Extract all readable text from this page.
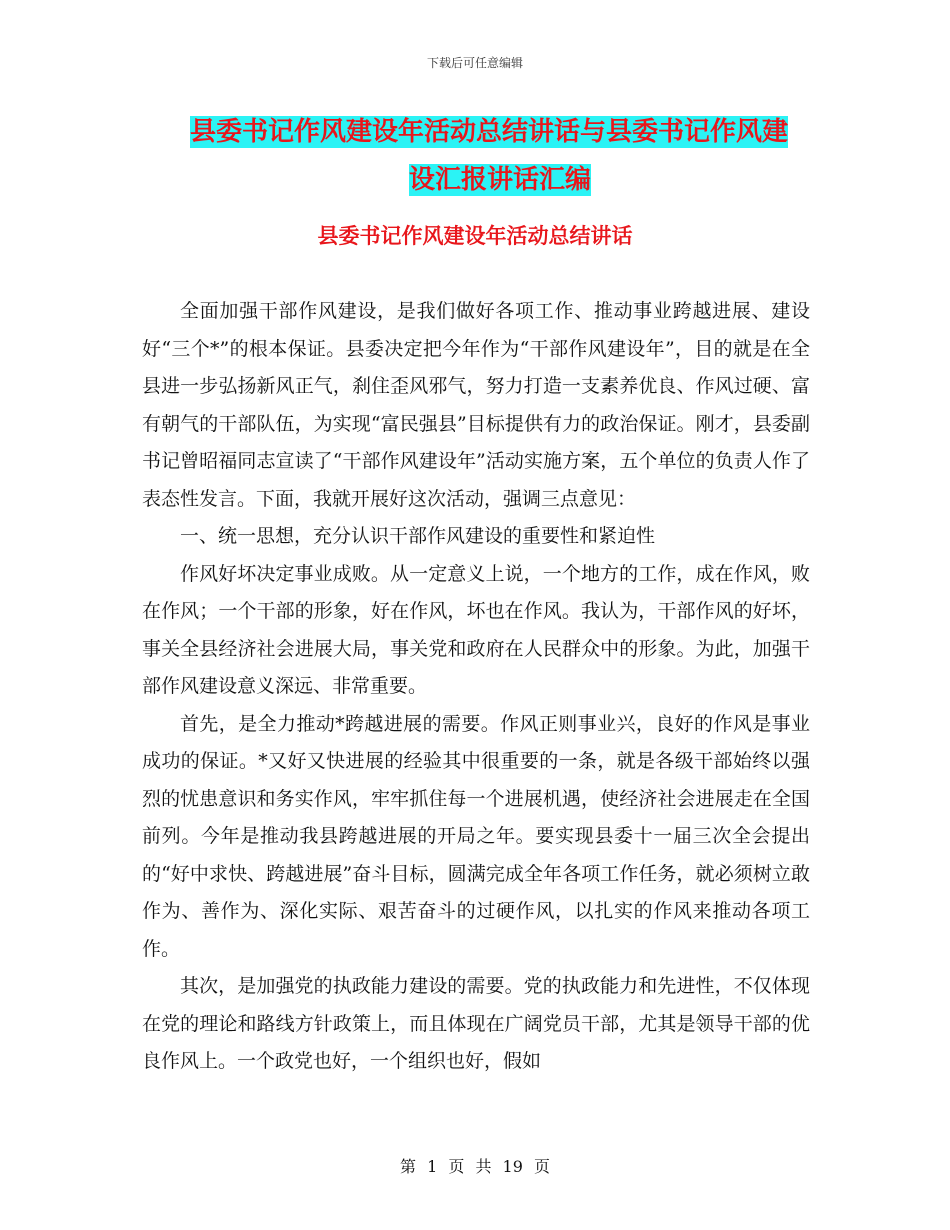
下载后可任意编辑
县委书记作风建设年活动总结讲话与县委书记作风建
设汇报讲话汇编
县委书记作风建设年活动总结讲话

全面加强干部作风建设，是我们做好各项工作、推动事业跨越进展、建设好“三个*”的根本保证。县委决定把今年作为“干部作风建设年”，目的就是在全县进一步弘扬新风正气，刹住歪风邪气，努力打造一支素养优良、作风过硬、富有朝气的干部队伍，为实现“富民强县”目标提供有力的政治保证。刚才，县委副书记曾昭福同志宣读了“干部作风建设年”活动实施方案，五个单位的负责人作了表态性发言。下面，我就开展好这次活动，强调三点意见：

一、统一思想，充分认识干部作风建设的重要性和紧迫性

作风好坏决定事业成败。从一定意义上说，一个地方的工作，成在作风，败在作风；一个干部的形象，好在作风，坏也在作风。我认为，干部作风的好坏，事关全县经济社会进展大局，事关党和政府在人民群众中的形象。为此，加强干部作风建设意义深远、非常重要。

首先，是全力推动*跨越进展的需要。作风正则事业兴，良好的作风是事业成功的保证。*又好又快进展的经验其中很重要的一条，就是各级干部始终以强烈的忧患意识和务实作风，牢牢抓住每一个进展机遇，使经济社会进展走在全国前列。今年是推动我县跨越进展的开局之年。要实现县委十一届三次全会提出的“好中求快、跨越进展”奋斗目标，圆满完成全年各项工作任务，就必须树立敢作为、善作为、深化实际、艰苦奋斗的过硬作风，以扎实的作风来推动各项工作。

其次，是加强党的执政能力建设的需要。党的执政能力和先进性，不仅体现在党的理论和路线方针政策上，而且体现在广阔党员干部，尤其是领导干部的优良作风上。一个政党也好，一个组织也好，假如

第 1 页 共 19 页
